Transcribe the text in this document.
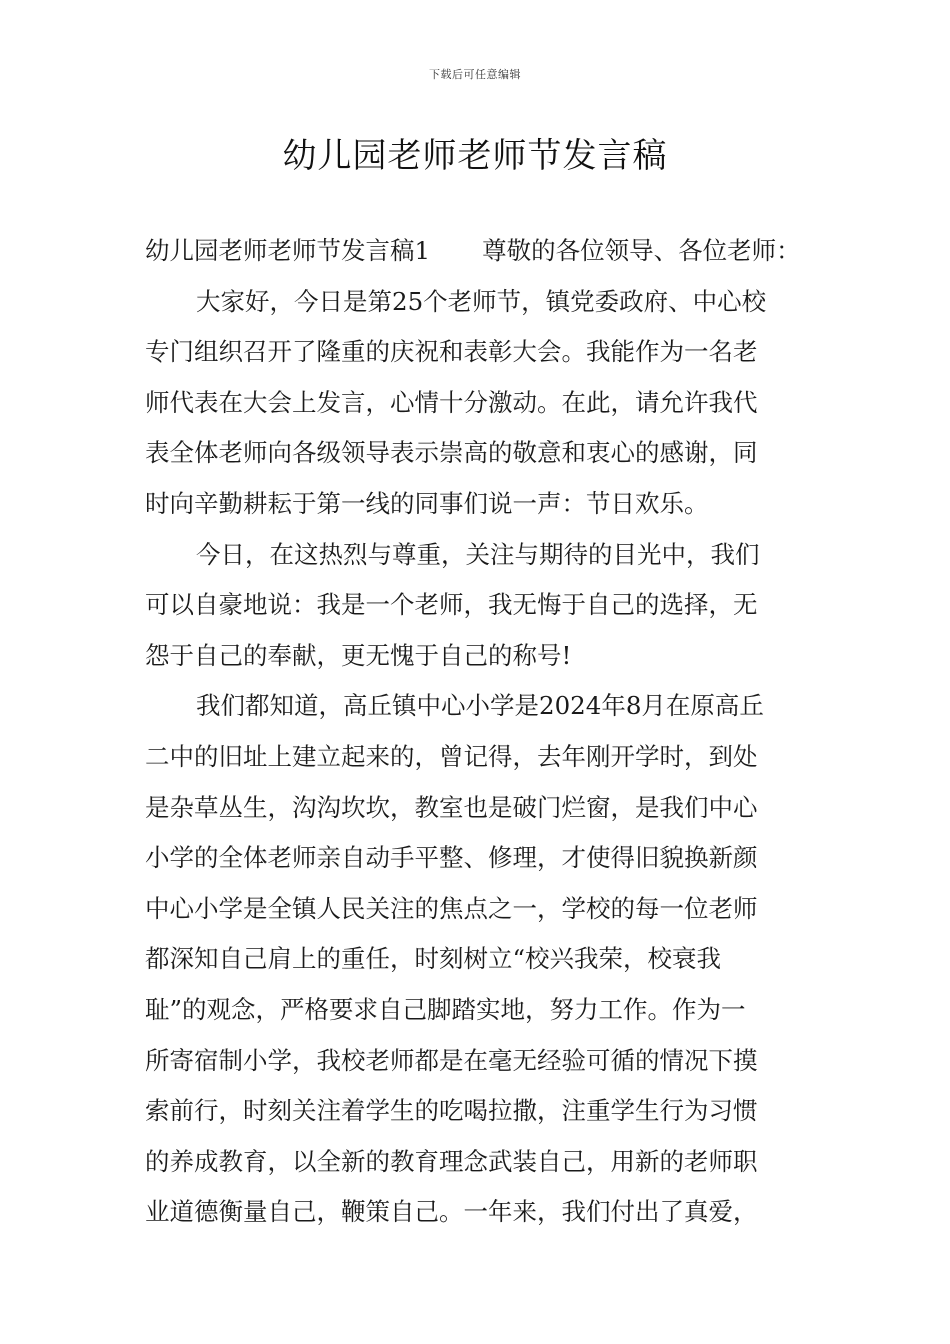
下载后可任意编辑
幼儿园老师老师节发言稿
幼儿园老师老师节发言稿1 尊敬的各位领导、各位老师：
大家好，今日是第25个老师节，镇党委政府、中心校
专门组织召开了隆重的庆祝和表彰大会。我能作为一名老
师代表在大会上发言，心情十分激动。在此，请允许我代
表全体老师向各级领导表示崇高的敬意和衷心的感谢，同
时向辛勤耕耘于第一线的同事们说一声：节日欢乐。
今日，在这热烈与尊重，关注与期待的目光中，我们
可以自豪地说：我是一个老师，我无悔于自己的选择，无
怨于自己的奉献，更无愧于自己的称号!
我们都知道，高丘镇中心小学是2024年8月在原高丘
二中的旧址上建立起来的，曾记得，去年刚开学时，到处
是杂草丛生，沟沟坎坎，教室也是破门烂窗，是我们中心
小学的全体老师亲自动手平整、修理，才使得旧貌换新颜
中心小学是全镇人民关注的焦点之一，学校的每一位老师
都深知自己肩上的重任，时刻树立“校兴我荣，校衰我
耻”的观念，严格要求自己脚踏实地，努力工作。作为一
所寄宿制小学，我校老师都是在毫无经验可循的情况下摸
索前行，时刻关注着学生的吃喝拉撒，注重学生行为习惯
的养成教育，以全新的教育理念武装自己，用新的老师职
业道德衡量自己，鞭策自己。一年来，我们付出了真爱，
